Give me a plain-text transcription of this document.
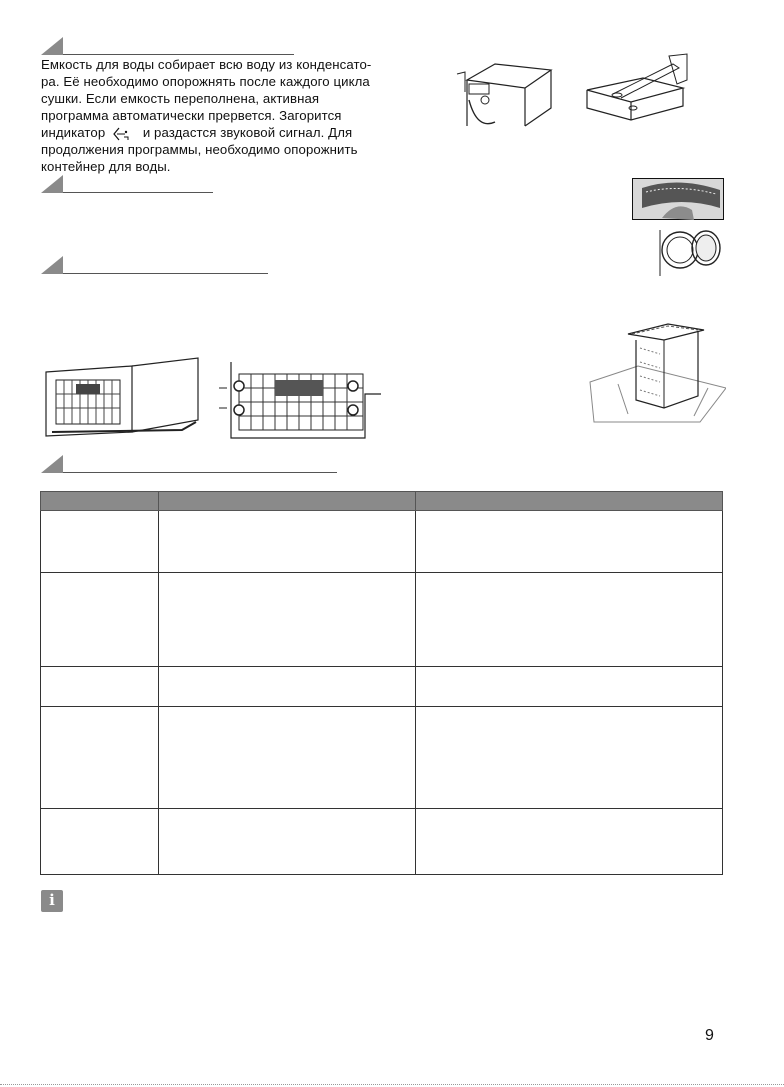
Емкость для воды собирает всю воду из конденсато-

ра. Её необходимо опорожнять после каждого цикла

сушки. Если емкость переполнена, активная

программа автоматически прервется. Загорится

индикатор	и раздастся звуковой сигнал. Для

продолжения программы, необходимо опорожнить

контейнер для воды.

i
9
